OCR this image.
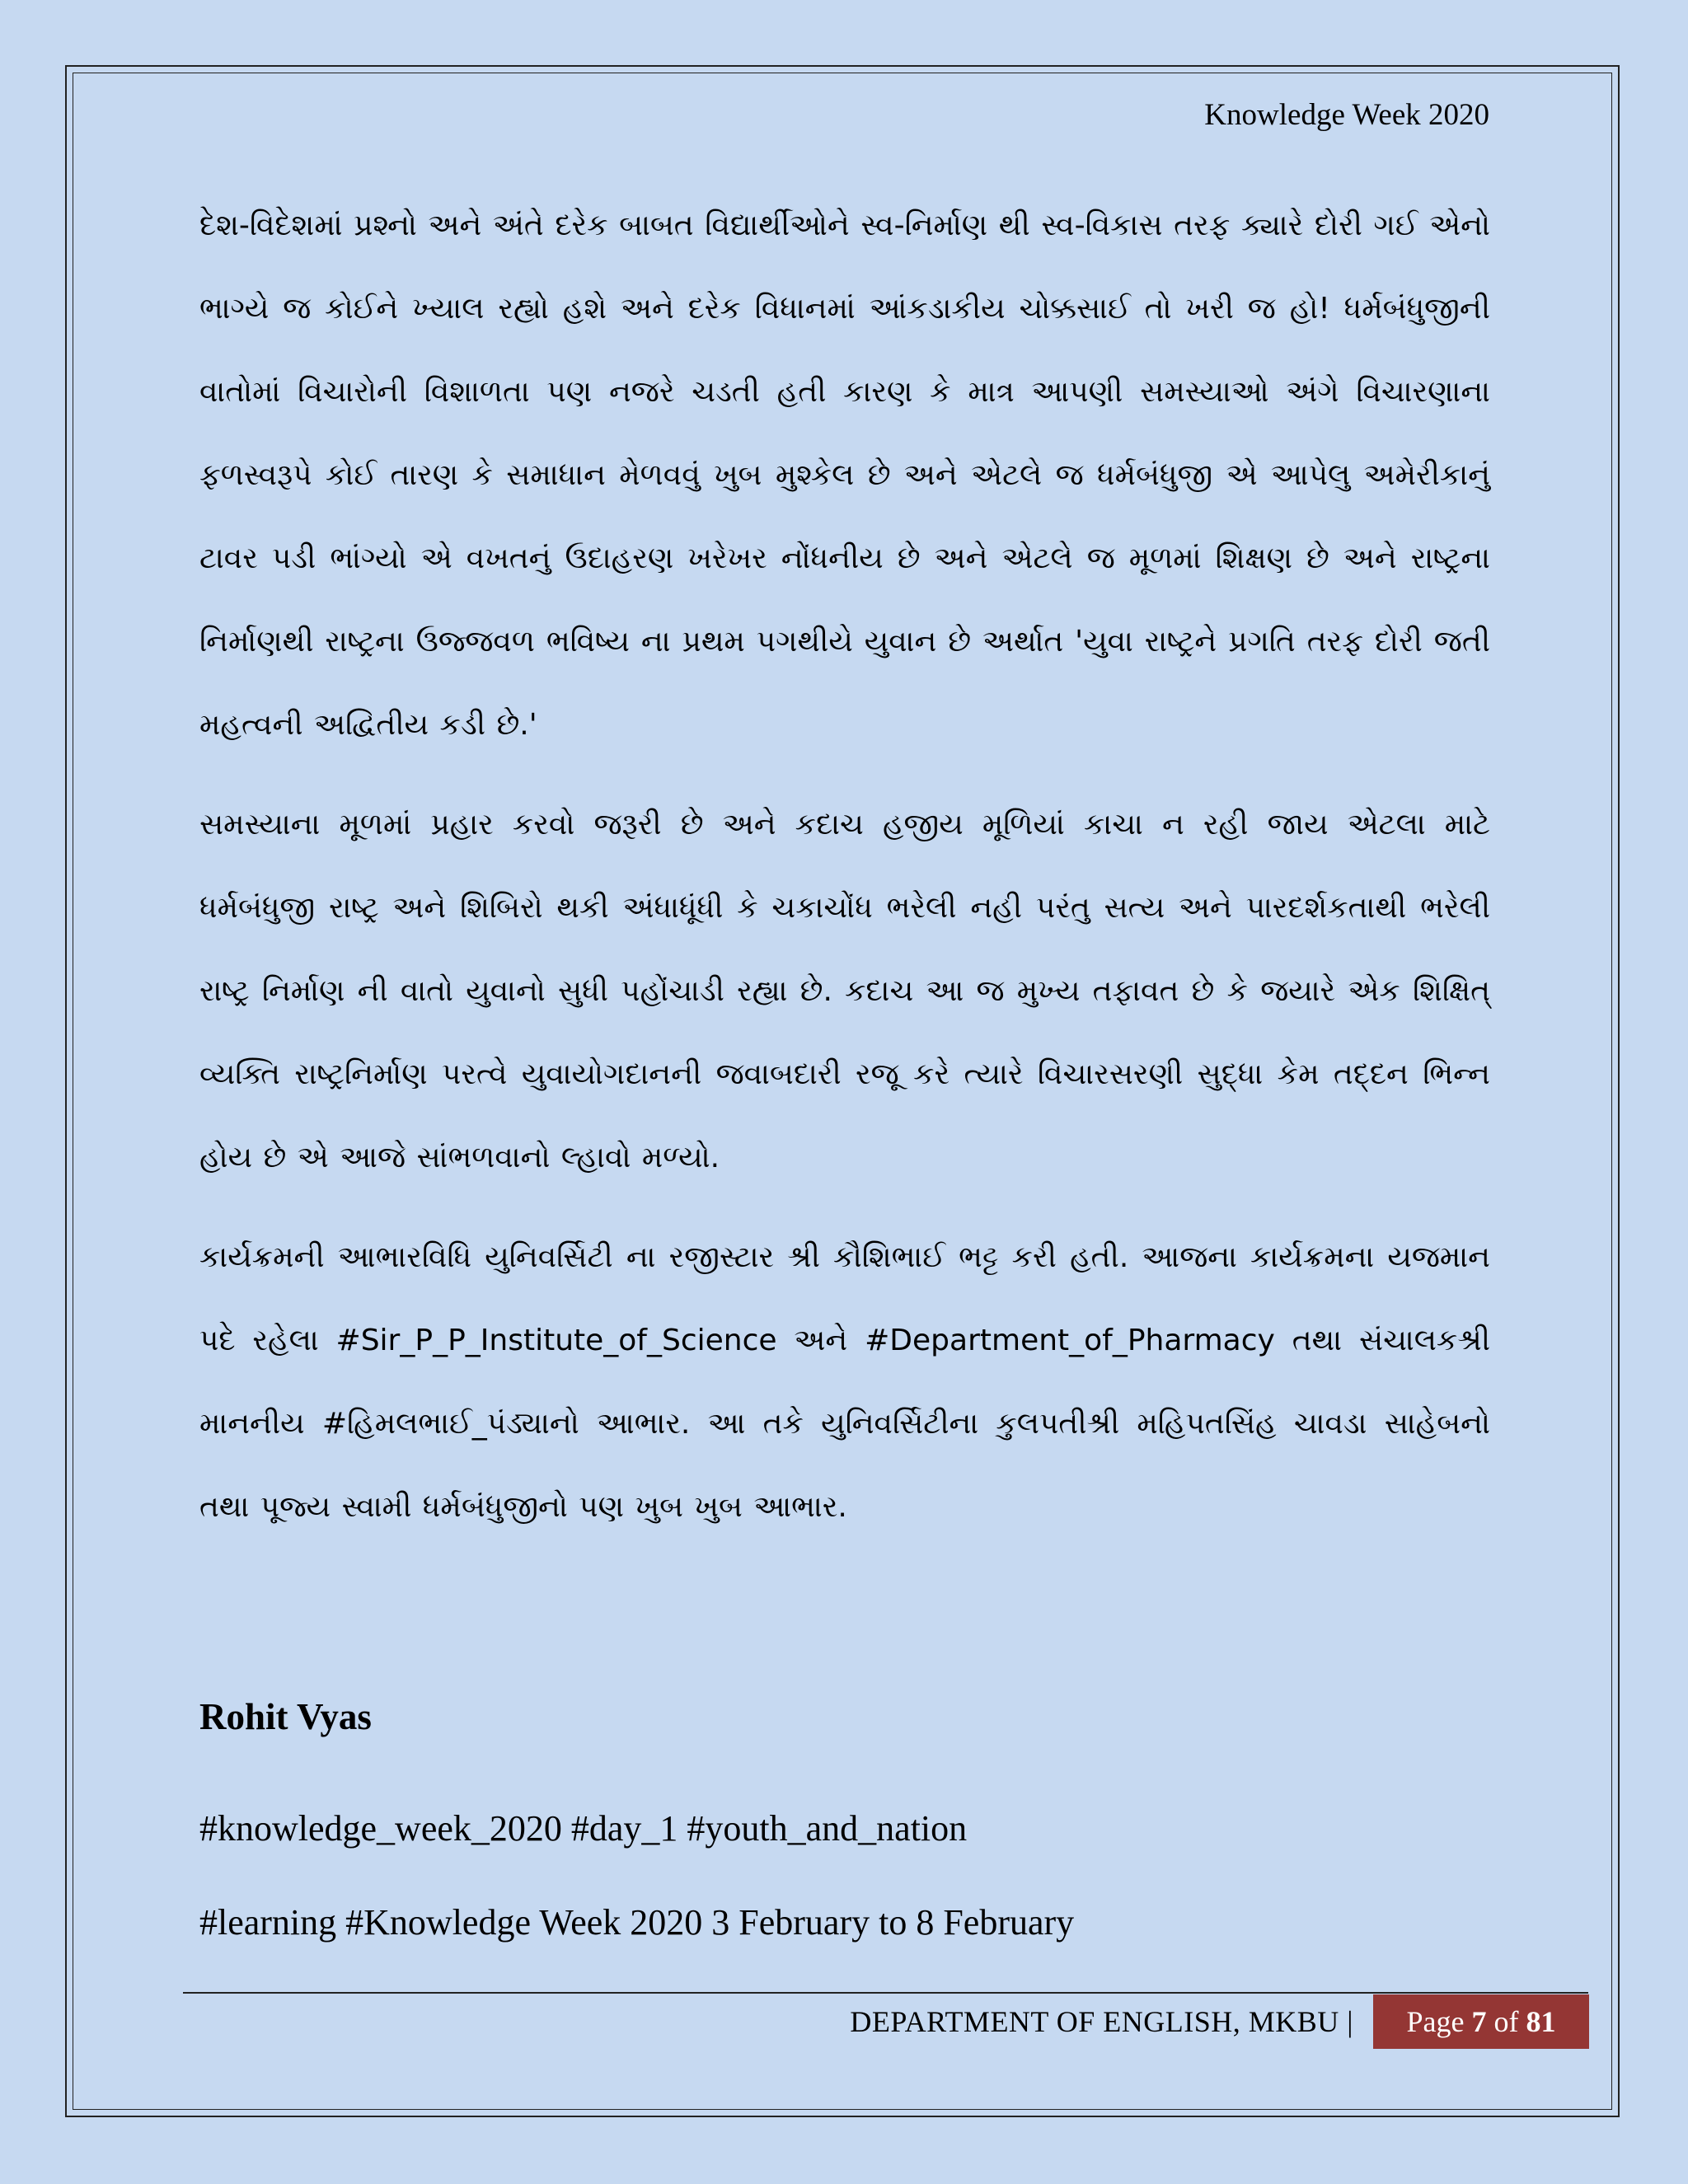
Knowledge Week 2020

દેશ-વિદેશમાં પ્રશ્નો અને અંતે દરેક બાબત વિદ્યાર્થીઓને સ્વ-નિર્માણ થી સ્વ-વિકાસ તરફ ક્યારે દોરી ગઈ એનો ભાગ્યે જ કોઈને ખ્યાલ રહ્યો હશે અને દરેક વિધાનમાં આંકડાકીય ચોક્કસાઈ તો ખરી જ હો! ધર્મબંધુજીની વાતોમાં વિચારોની વિશાળતા પણ નજરે ચડતી હતી કારણ કે માત્ર આપણી સમસ્યાઓ અંગે વિચારણાના ફળસ્વરૂપે કોઈ તારણ કે સમાધાન મેળવવું ખુબ મુશ્કેલ છે અને એટલે જ ધર્મબંધુજી એ આપેલુ અમેરીકાનું ટાવર પડી ભાંગ્યો એ વખતનું ઉદાહરણ ખરેખર નોંધનીય છે અને એટલે જ મૂળમાં શિક્ષણ છે અને રાષ્ટ્રના નિર્માણથી રાષ્ટ્રના ઉજ્જવળ ભવિષ્ય ના પ્રથમ પગથીયે યુવાન છે અર્થાત 'યુવા રાષ્ટ્રને પ્રગતિ તરફ દોરી જતી મહત્વની અદ્વિતીય કડી છે.'

સમસ્યાના મૂળમાં પ્રહાર કરવો જરૂરી છે અને કદાચ હજીય મૂળિયાં કાચા ન રહી જાય એટલા માટે ધર્મબંધુજી રાષ્ટ્ર અને શિબિરો થકી અંધાધૂંધી કે ચકાચોંધ ભરેલી નહી પરંતુ સત્ય અને પારદર્શકતાથી ભરેલી રાષ્ટ્ર નિર્માણ ની વાતો યુવાનો સુધી પહોંચાડી રહ્યા છે. કદાચ આ જ મુખ્ય તફાવત છે કે જયારે એક શિક્ષિત્ વ્યક્તિ રાષ્ટ્રનિર્માણ પરત્વે યુવાયોગદાનની જવાબદારી રજૂ કરે ત્યારે વિચારસરણી સુદ્ધા કેમ તદ્દન ભિન્ન હોય છે એ આજે સાંભળવાનો લ્હાવો મળ્યો.

કાર્યક્રમની આભારવિધિ યુનિવર્સિટી ના રજીસ્ટાર શ્રી કૌશિભાઈ ભટ્ટ કરી હતી. આજના કાર્યક્રમના યજમાન પદે રહેલા #Sir_P_P_Institute_of_Science અને #Department_of_Pharmacy તથા સંચાલકશ્રી માનનીય #હિમલભાઈ_પંડ્યાનો આભાર. આ તકે યુનિવર્સિટીના કુલપતીશ્રી મહિપતસિંહ ચાવડા સાહેબનો તથા પૂજ્ય સ્વામી ધર્મબંધુજીનો પણ ખુબ ખુબ આભાર.

Rohit Vyas
#knowledge_week_2020 #day_1 #youth_and_nation
#learning #Knowledge Week 2020 3 February to 8 February
DEPARTMENT OF ENGLISH, MKBU | Page 7 of 81
